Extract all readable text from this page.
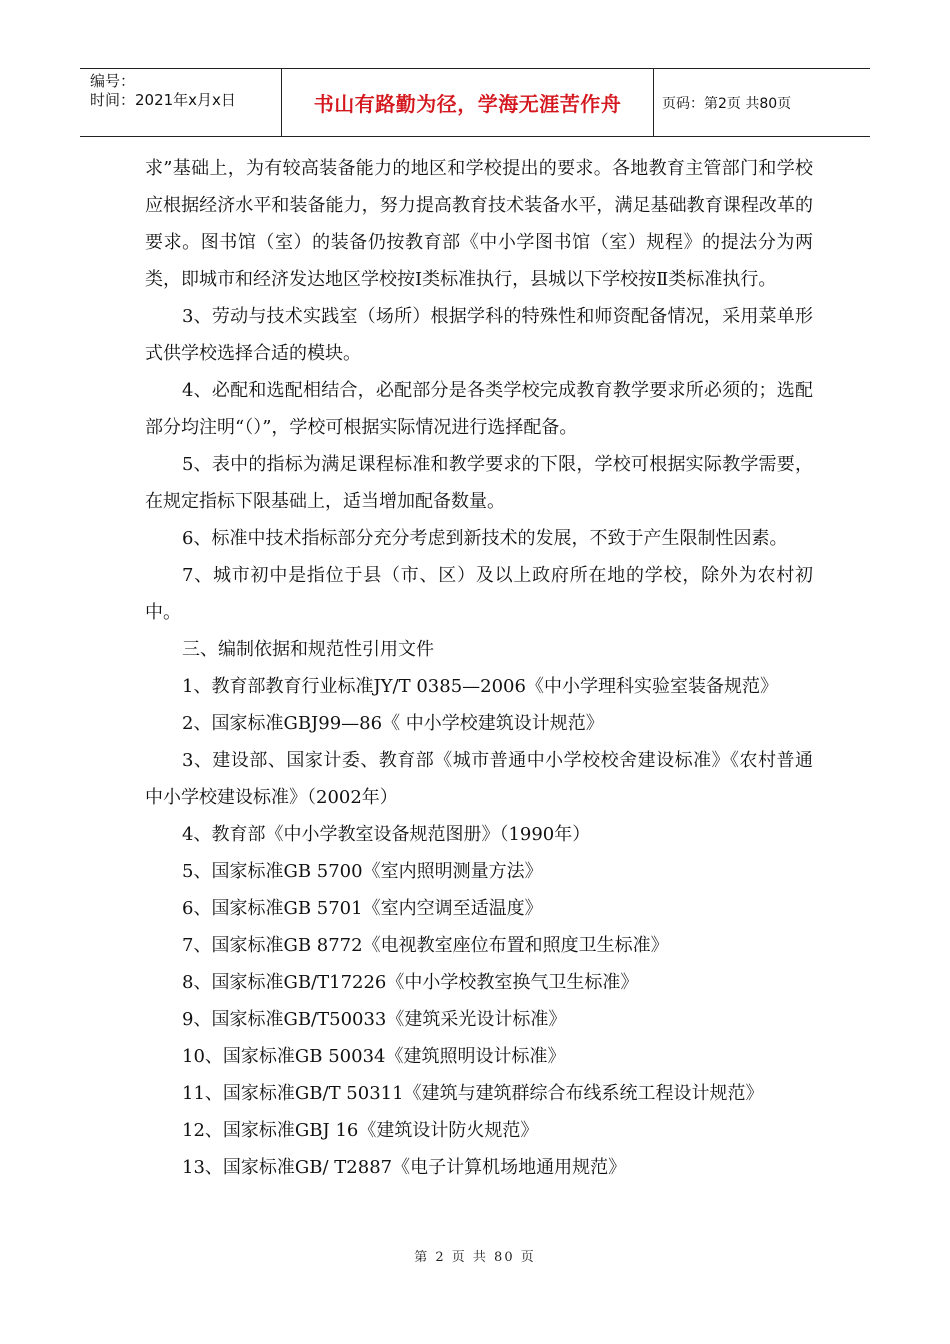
编号：
时间：2021年x月x日	书山有路勤为径，学海无涯苦作舟	页码：第2页 共80页

求”基础上，为有较高装备能力的地区和学校提出的要求。各地教育主管部门和学校应根据经济水平和装备能力，努力提高教育技术装备水平，满足基础教育课程改革的要求。图书馆（室）的装备仍按教育部《中小学图书馆（室）规程》的提法分为两类，即城市和经济发达地区学校按Ⅰ类标准执行，县城以下学校按Ⅱ类标准执行。

3、劳动与技术实践室（场所）根据学科的特殊性和师资配备情况，采用菜单形式供学校选择合适的模块。

4、必配和选配相结合，必配部分是各类学校完成教育教学要求所必须的；选配部分均注明“（）”，学校可根据实际情况进行选择配备。

5、表中的指标为满足课程标准和教学要求的下限，学校可根据实际教学需要，在规定指标下限基础上，适当增加配备数量。

6、标准中技术指标部分充分考虑到新技术的发展，不致于产生限制性因素。

7、城市初中是指位于县（市、区）及以上政府所在地的学校，除外为农村初中。

三、编制依据和规范性引用文件

1、教育部教育行业标准JY/T 0385—2006《中小学理科实验室装备规范》

2、国家标准GBJ99—86《 中小学校建筑设计规范》

3、建设部、国家计委、教育部《城市普通中小学校校舍建设标准》《农村普通中小学校建设标准》（2002年）

4、教育部《中小学教室设备规范图册》（1990年）

5、国家标准GB 5700《室内照明测量方法》

6、国家标准GB 5701《室内空调至适温度》

7、国家标准GB 8772《电视教室座位布置和照度卫生标准》

8、国家标准GB/T17226《中小学校教室换气卫生标准》

9、国家标准GB/T50033《建筑采光设计标准》

10、国家标准GB 50034《建筑照明设计标准》

11、国家标准GB/T 50311《建筑与建筑群综合布线系统工程设计规范》

12、国家标准GBJ 16《建筑设计防火规范》

13、国家标准GB/ T2887《电子计算机场地通用规范》

第 2 页 共 80 页
